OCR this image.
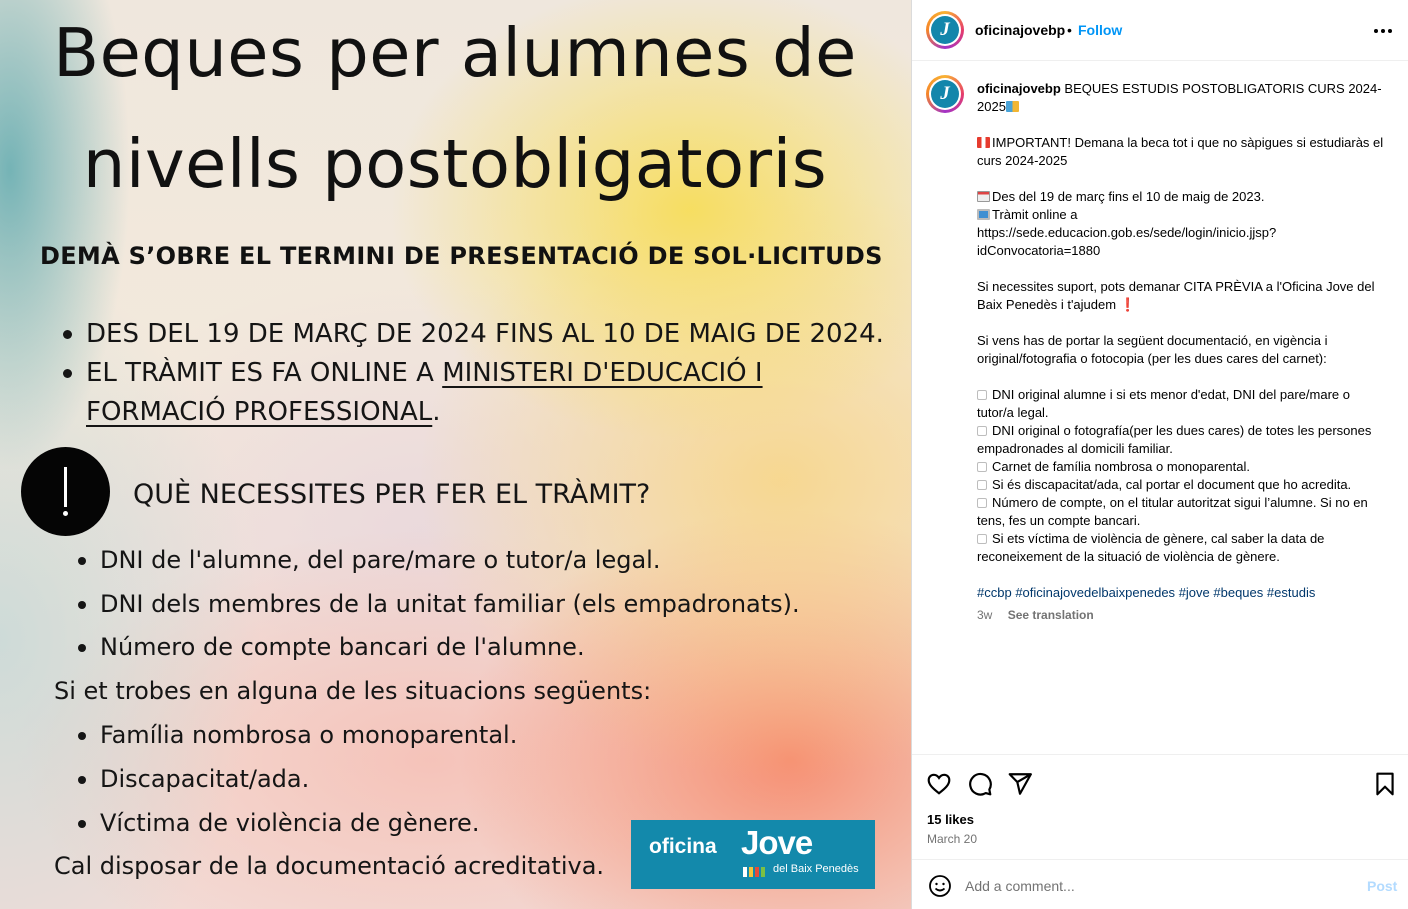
Beques per alumnes de
nivells postobligatoris
DEMÀ S’OBRE EL TERMINI DE PRESENTACIÓ DE SOL·LICITUDS
DES DEL 19 DE MARÇ DE 2024 FINS AL 10 DE MAIG DE 2024.
EL TRÀMIT ES FA ONLINE A MINISTERI D'EDUCACIÓ I
FORMACIÓ PROFESSIONAL.
QUÈ NECESSITES PER FER EL TRÀMIT?
DNI de l'alumne, del pare/mare o tutor/a legal.
DNI dels membres de la unitat familiar (els empadronats).
Número de compte bancari de l'alumne.
Si et trobes en alguna de les situacions següents:
Família nombrosa o monoparental.
Discapacitat/ada.
Víctima de violència de gènere.
Cal disposar de la documentació acreditativa.
oficina Jove
del Baix Penedès
J	oficinajovebp • Follow
J	oficinajovebp BEQUES ESTUDIS POSTOBLIGATORIS CURS 2024-2025

IMPORTANT! Demana la beca tot i que no sàpigues si estudiaràs el curs 2024-2025

Des del 19 de març fins el 10 de maig de 2023.

Tràmit online a

https://sede.educacion.gob.es/sede/login/inicio.jjsp?

idConvocatoria=1880

Si necessites suport, pots demanar CITA PRÈVIA a l'Oficina Jove del Baix Penedès i t'ajudem ❗

Si vens has de portar la següent documentació, en vigència i original/fotografia o fotocopia (per les dues cares del carnet):

DNI original alumne i si ets menor d'edat, DNI del pare/mare o tutor/a legal.

DNI original o fotografía(per les dues cares) de totes les persones empadronades al domicili familiar.

Carnet de família nombrosa o monoparental.

Si és discapacitat/ada, cal portar el document que ho acredita.

Número de compte, on el titular autoritzat sigui l’alumne. Si no en tens, fes un compte bancari.

Si ets víctima de violència de gènere, cal saber la data de reconeixement de la situació de violència de gènere.

#ccbp #oficinajovedelbaixpenedes #jove #beques #estudis

3w See translation
15 likes
March 20
Add a comment...
Post
